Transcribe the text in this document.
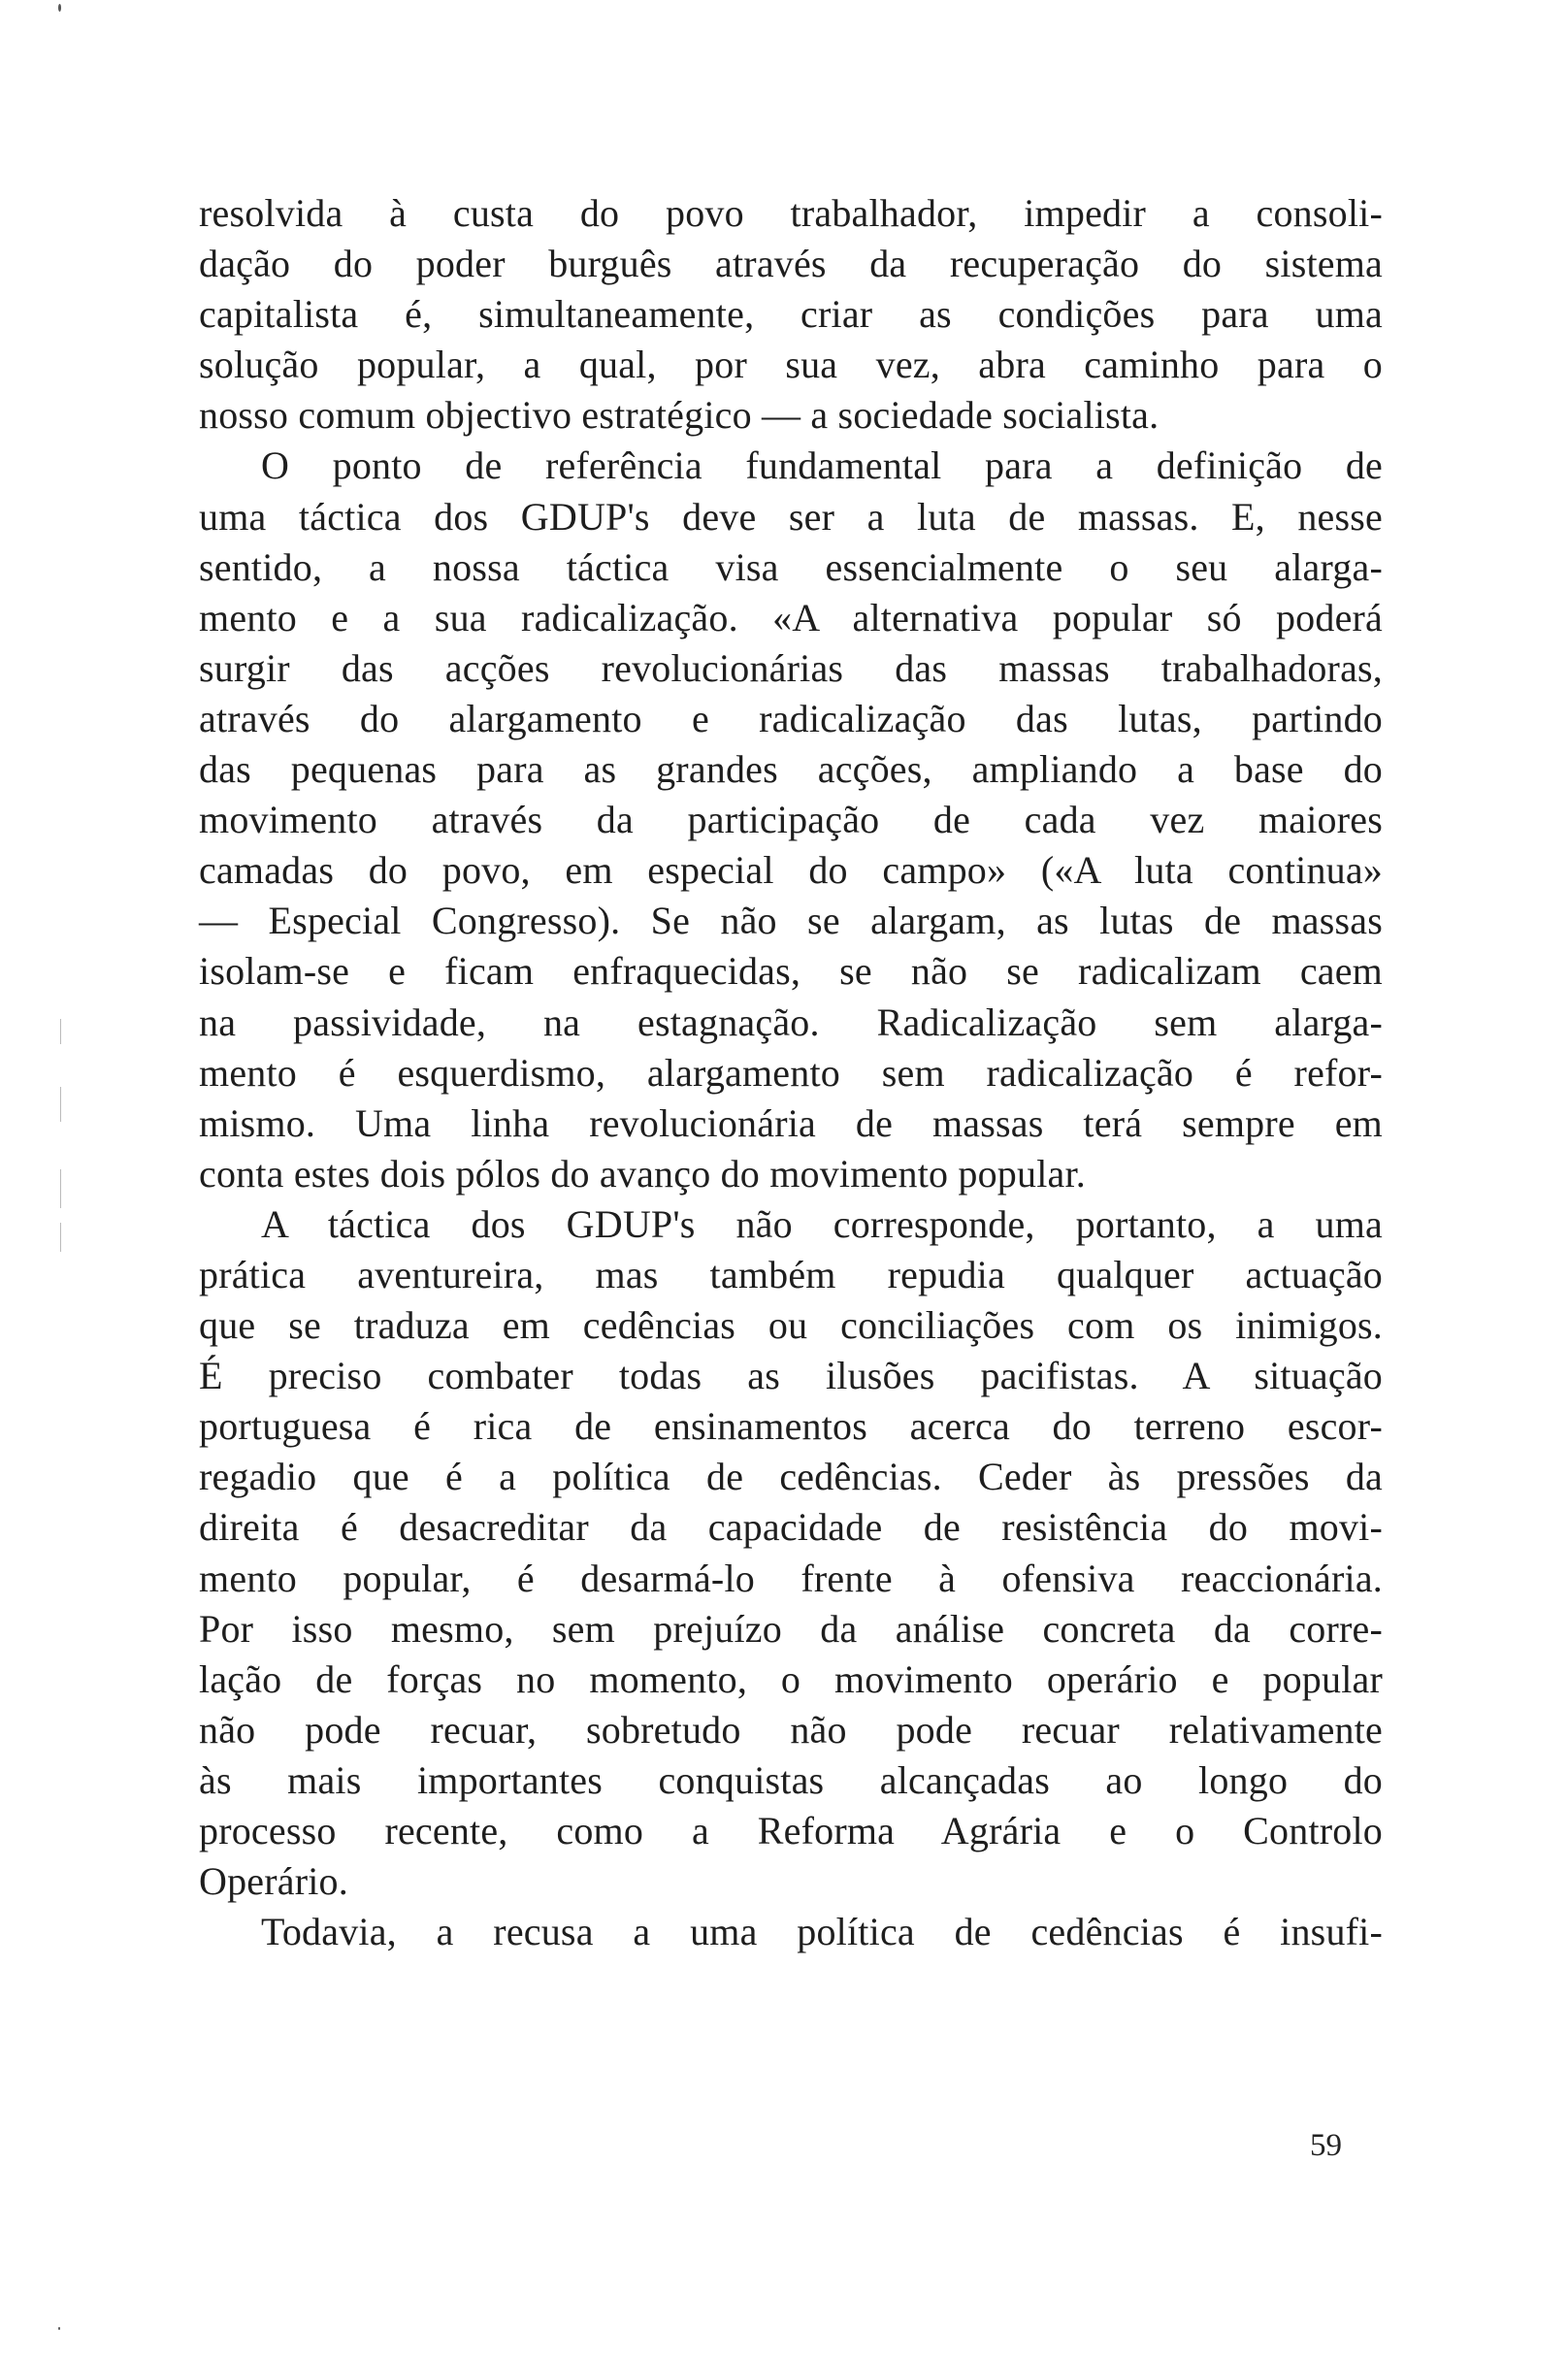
resolvida à custa do povo trabalhador, impedir a consoli-
dação do poder burguês através da recuperação do sistema
capitalista é, simultaneamente, criar as condições para uma
solução popular, a qual, por sua vez, abra caminho para o
nosso comum objectivo estratégico — a sociedade socialista.
O ponto de referência fundamental para a definição de
uma táctica dos GDUP's deve ser a luta de massas. E, nesse
sentido, a nossa táctica visa essencialmente o seu alarga-
mento e a sua radicalização. «A alternativa popular só poderá
surgir das acções revolucionárias das massas trabalhadoras,
através do alargamento e radicalização das lutas, partindo
das pequenas para as grandes acções, ampliando a base do
movimento através da participação de cada vez maiores
camadas do povo, em especial do campo» («A luta continua»
— Especial Congresso). Se não se alargam, as lutas de massas
isolam-se e ficam enfraquecidas, se não se radicalizam caem
na passividade, na estagnação. Radicalização sem alarga-
mento é esquerdismo, alargamento sem radicalização é refor-
mismo. Uma linha revolucionária de massas terá sempre em
conta estes dois pólos do avanço do movimento popular.
A táctica dos GDUP's não corresponde, portanto, a uma
prática aventureira, mas também repudia qualquer actuação
que se traduza em cedências ou conciliações com os inimigos.
É preciso combater todas as ilusões pacifistas. A situação
portuguesa é rica de ensinamentos acerca do terreno escor-
regadio que é a política de cedências. Ceder às pressões da
direita é desacreditar da capacidade de resistência do movi-
mento popular, é desarmá-lo frente à ofensiva reaccionária.
Por isso mesmo, sem prejuízo da análise concreta da corre-
lação de forças no momento, o movimento operário e popular
não pode recuar, sobretudo não pode recuar relativamente
às mais importantes conquistas alcançadas ao longo do
processo recente, como a Reforma Agrária e o Controlo
Operário.
Todavia, a recusa a uma política de cedências é insufi-
59
